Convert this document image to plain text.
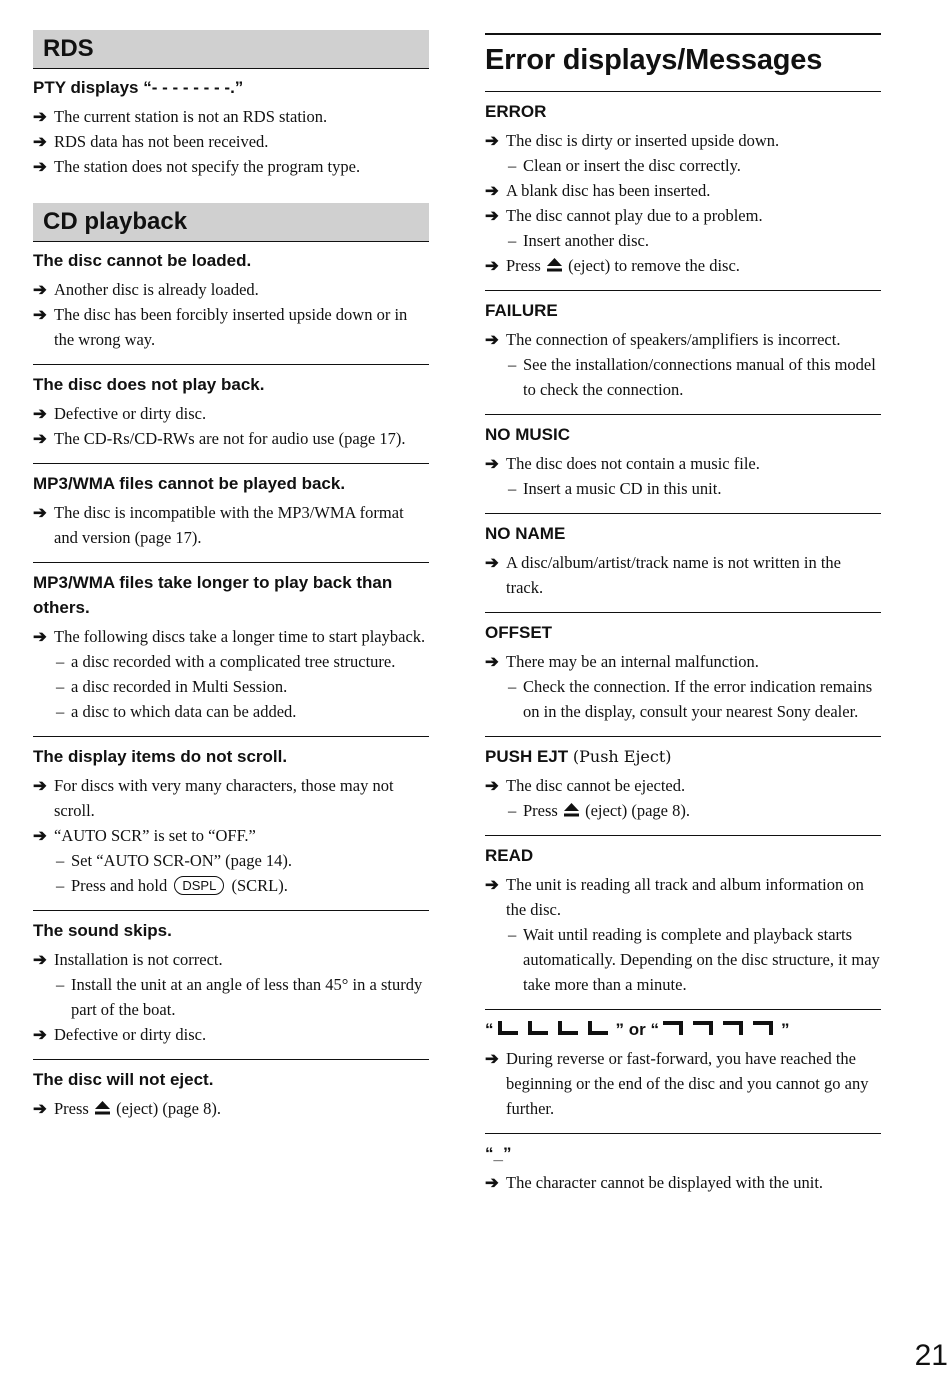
RDS
PTY displays “- - - - - - - -.”
➔ The current station is not an RDS station.
➔ RDS data has not been received.
➔ The station does not specify the program type.
CD playback
The disc cannot be loaded.
➔ Another disc is already loaded.
➔ The disc has been forcibly inserted upside down or in the wrong way.
The disc does not play back.
➔ Defective or dirty disc.
➔ The CD-Rs/CD-RWs are not for audio use (page 17).
MP3/WMA files cannot be played back.
➔ The disc is incompatible with the MP3/WMA format and version (page 17).
MP3/WMA files take longer to play back than others.
➔ The following discs take a longer time to start playback.
– a disc recorded with a complicated tree structure.
– a disc recorded in Multi Session.
– a disc to which data can be added.
The display items do not scroll.
➔ For discs with very many characters, those may not scroll.
➔ “AUTO SCR” is set to “OFF.”
– Set “AUTO SCR-ON” (page 14).
– Press and hold DSPL (SCRL).
The sound skips.
➔ Installation is not correct.
– Install the unit at an angle of less than 45° in a sturdy part of the boat.
➔ Defective or dirty disc.
The disc will not eject.
➔ Press (eject) (page 8).
Error displays/Messages
ERROR
➔ The disc is dirty or inserted upside down.
– Clean or insert the disc correctly.
➔ A blank disc has been inserted.
➔ The disc cannot play due to a problem.
– Insert another disc.
➔ Press (eject) to remove the disc.
FAILURE
➔ The connection of speakers/amplifiers is incorrect.
– See the installation/connections manual of this model to check the connection.
NO MUSIC
➔ The disc does not contain a music file.
– Insert a music CD in this unit.
NO NAME
➔ A disc/album/artist/track name is not written in the track.
OFFSET
➔ There may be an internal malfunction.
– Check the connection. If the error indication remains on in the display, consult your nearest Sony dealer.
PUSH EJT (Push Eject)
➔ The disc cannot be ejected.
– Press (eject) (page 8).
READ
➔ The unit is reading all track and album information on the disc.
– Wait until reading is complete and playback starts automatically. Depending on the disc structure, it may take more than a minute.
“	” or “	”
➔ During reverse or fast-forward, you have reached the beginning or the end of the disc and you cannot go any further.
“_”
➔ The character cannot be displayed with the unit.
21
